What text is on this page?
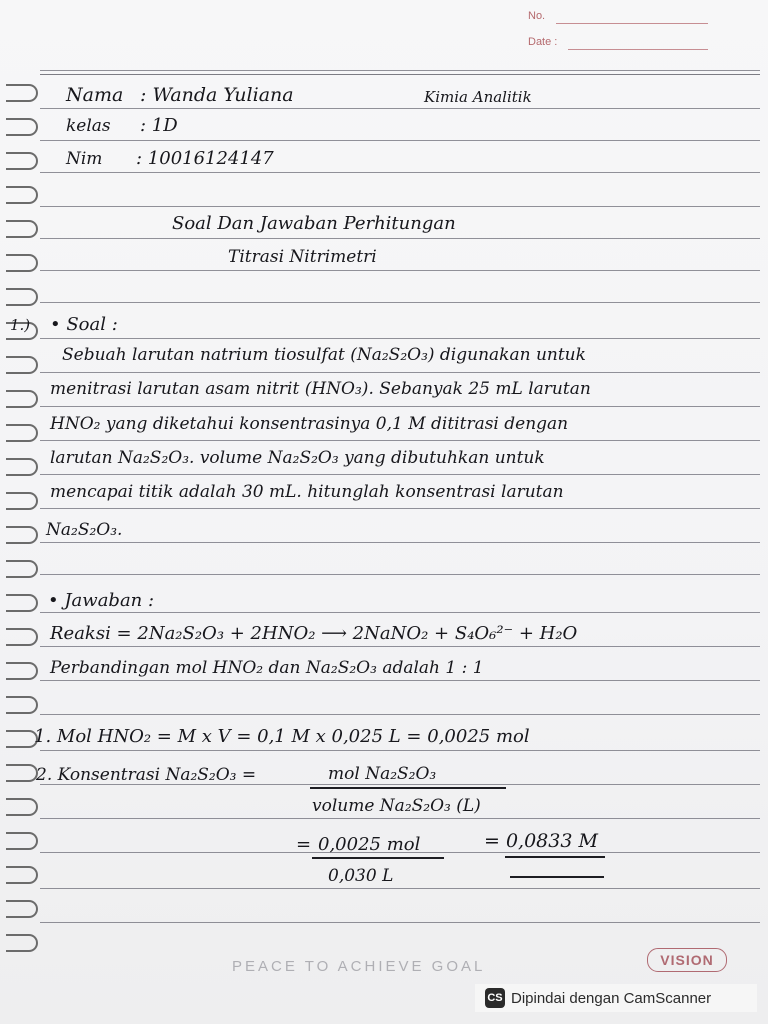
No.
Date :
Nama : Wanda Yuliana	Kimia Analitik
kelas : 1D
Nim : 10016124147
Soal Dan Jawaban Perhitungan
Titrasi Nitrimetri
1.) • Soal :
Sebuah larutan natrium tiosulfat (Na₂S₂O₃) digunakan untuk
menitrasi larutan asam nitrit (HNO₃). Sebanyak 25 mL larutan
HNO₂ yang diketahui konsentrasinya 0,1 M dititrasi dengan
larutan Na₂S₂O₃. volume Na₂S₂O₃ yang dibutuhkan untuk
mencapai titik adalah 30 mL. hitunglah konsentrasi larutan
Na₂S₂O₃.
• Jawaban :
Reaksi = 2Na₂S₂O₃ + 2HNO₂ ⟶ 2NaNO₂ + S₄O₆²⁻ + H₂O
Perbandingan mol HNO₂ dan Na₂S₂O₃ adalah 1 : 1
1. Mol HNO₂ = M x V = 0,1 M x 0,025 L = 0,0025 mol
2. Konsentrasi Na₂S₂O₃ =	mol Na₂S₂O₃
volume Na₂S₂O₃ (L)
= 0,0025 mol
0,030 L
= 0,0833 M
PEACE TO ACHIEVE GOAL	VISION
CS Dipindai dengan CamScanner
